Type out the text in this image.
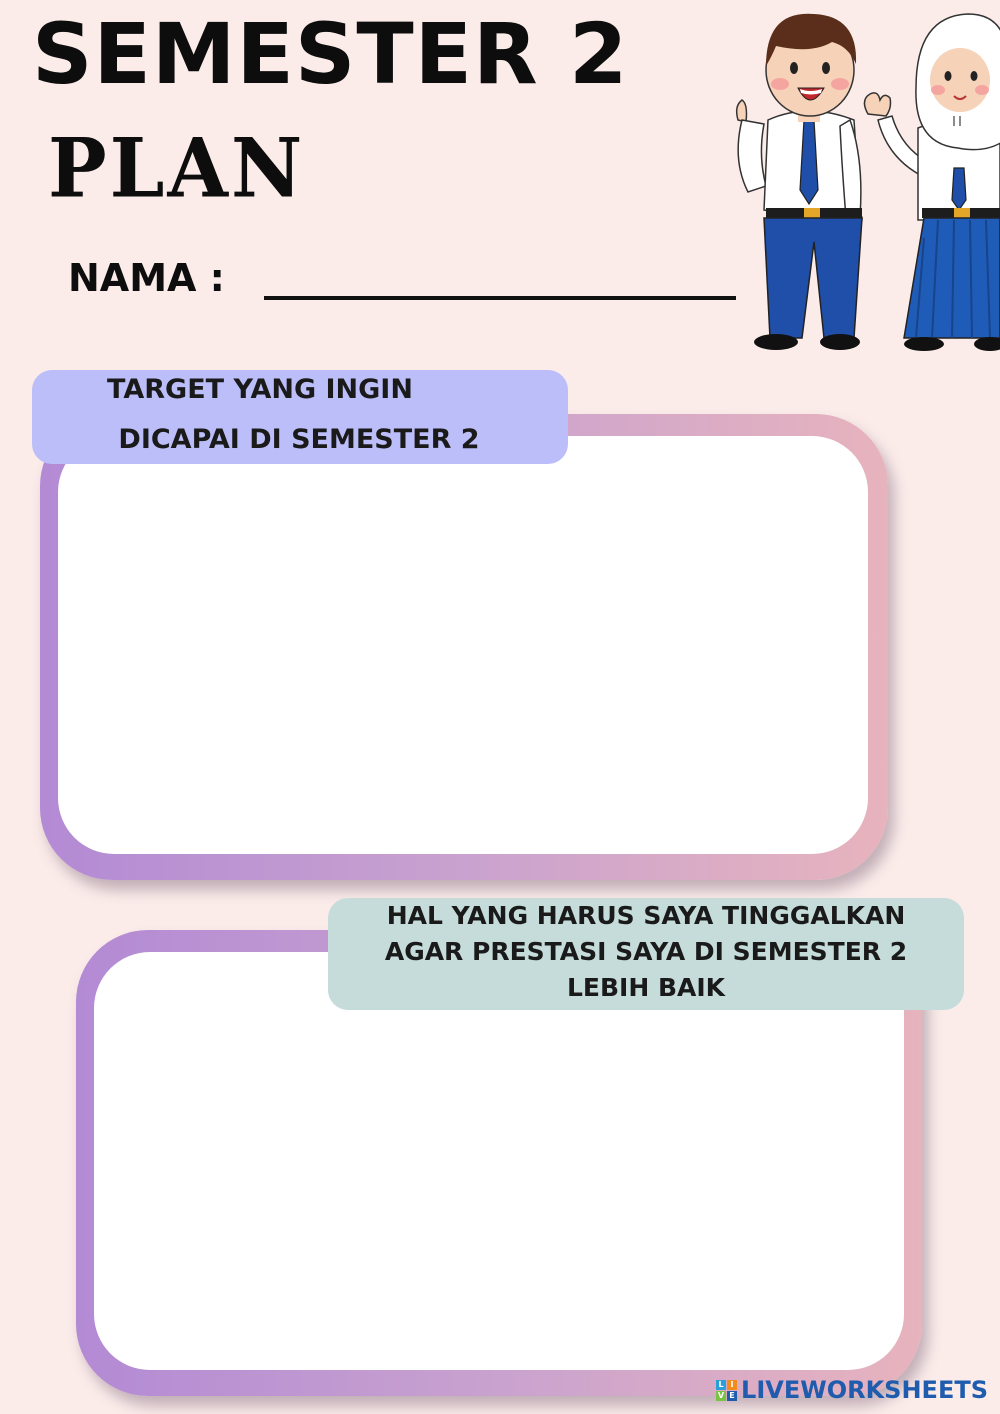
SEMESTER 2
PLAN
NAMA :
TARGET YANG INGIN
DICAPAI DI SEMESTER 2
HAL YANG HARUS SAYA TINGGALKAN
AGAR PRESTASI SAYA DI SEMESTER 2
LEBIH BAIK
L I
V E LIVEWORKSHEETS
